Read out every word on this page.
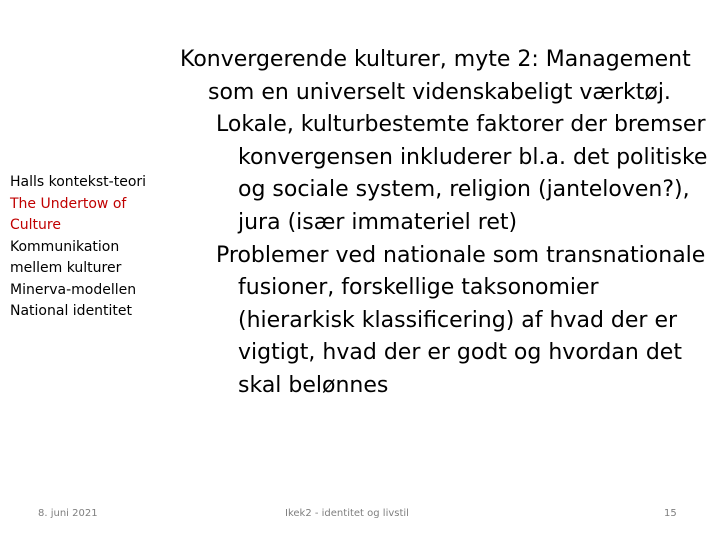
Halls kontekst-teori
The Undertow of
Culture
Kommunikation
mellem kulturer
Minerva-modellen
National identitet

Konvergerende kulturer, myte 2: Management som en universelt videnskabeligt værktøj.

Lokale, kulturbestemte faktorer der bremser konvergensen inkluderer bl.a. det politiske og sociale system, religion (janteloven?), jura (især immateriel ret)

Problemer ved nationale som transnationale fusioner, forskellige taksonomier (hierarkisk klassificering) af hvad der er vigtigt, hvad der er godt og hvordan det skal belønnes

8. juni 2021	Ikek2 - identitet og livstil	15
